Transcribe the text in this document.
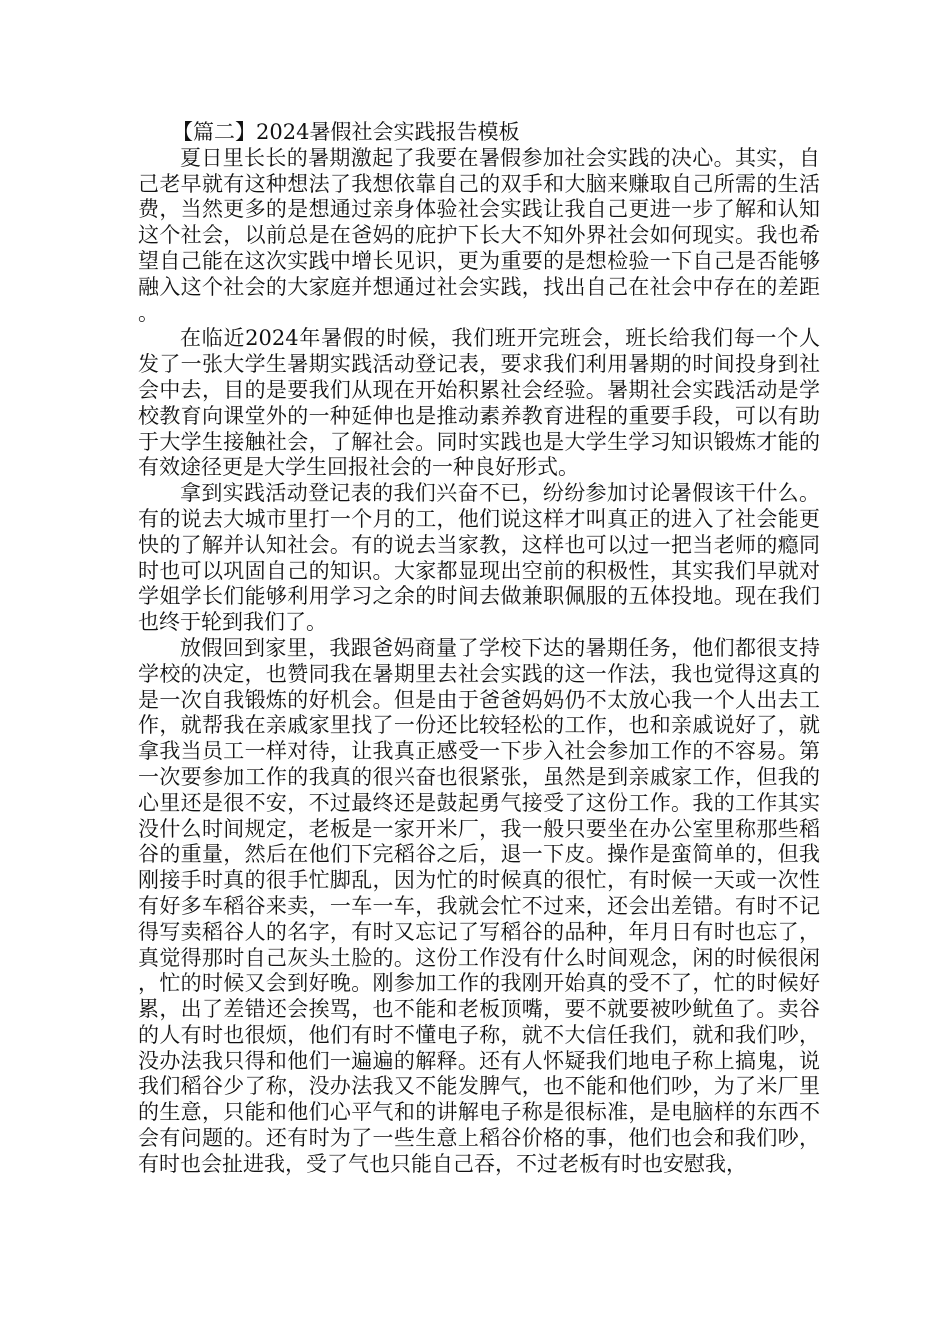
【篇二】2024暑假社会实践报告模板

夏日里长长的暑期激起了我要在暑假参加社会实践的决心。其实，自己老早就有这种想法了我想依靠自己的双手和大脑来赚取自己所需的生活费，当然更多的是想通过亲身体验社会实践让我自己更进一步了解和认知这个社会，以前总是在爸妈的庇护下长大不知外界社会如何现实。我也希望自己能在这次实践中增长见识，更为重要的是想检验一下自己是否能够融入这个社会的大家庭并想通过社会实践，找出自己在社会中存在的差距。

在临近2024年暑假的时候，我们班开完班会，班长给我们每一个人发了一张大学生暑期实践活动登记表，要求我们利用暑期的时间投身到社会中去，目的是要我们从现在开始积累社会经验。暑期社会实践活动是学校教育向课堂外的一种延伸也是推动素养教育进程的重要手段，可以有助于大学生接触社会，了解社会。同时实践也是大学生学习知识锻炼才能的有效途径更是大学生回报社会的一种良好形式。

拿到实践活动登记表的我们兴奋不已，纷纷参加讨论暑假该干什么。有的说去大城市里打一个月的工，他们说这样才叫真正的进入了社会能更快的了解并认知社会。有的说去当家教，这样也可以过一把当老师的瘾同时也可以巩固自己的知识。大家都显现出空前的积极性，其实我们早就对学姐学长们能够利用学习之余的时间去做兼职佩服的五体投地。现在我们也终于轮到我们了。

放假回到家里，我跟爸妈商量了学校下达的暑期任务，他们都很支持学校的决定，也赞同我在暑期里去社会实践的这一作法，我也觉得这真的是一次自我锻炼的好机会。但是由于爸爸妈妈仍不太放心我一个人出去工作，就帮我在亲戚家里找了一份还比较轻松的工作，也和亲戚说好了，就拿我当员工一样对待，让我真正感受一下步入社会参加工作的不容易。第一次要参加工作的我真的很兴奋也很紧张，虽然是到亲戚家工作，但我的心里还是很不安，不过最终还是鼓起勇气接受了这份工作。我的工作其实没什么时间规定，老板是一家开米厂，我一般只要坐在办公室里称那些稻谷的重量，然后在他们下完稻谷之后，退一下皮。操作是蛮简单的，但我刚接手时真的很手忙脚乱，因为忙的时候真的很忙，有时候一天或一次性有好多车稻谷来卖，一车一车，我就会忙不过来，还会出差错。有时不记得写卖稻谷人的名字，有时又忘记了写稻谷的品种，年月日有时也忘了，真觉得那时自己灰头土脸的。这份工作没有什么时间观念，闲的时候很闲，忙的时候又会到好晚。刚参加工作的我刚开始真的受不了，忙的时候好累，出了差错还会挨骂，也不能和老板顶嘴，要不就要被吵鱿鱼了。卖谷的人有时也很烦，他们有时不懂电子称，就不大信任我们，就和我们吵，没办法我只得和他们一遍遍的解释。还有人怀疑我们地电子称上搞鬼，说我们稻谷少了称，没办法我又不能发脾气，也不能和他们吵，为了米厂里的生意，只能和他们心平气和的讲解电子称是很标准，是电脑样的东西不会有问题的。还有时为了一些生意上稻谷价格的事，他们也会和我们吵，有时也会扯进我，受了气也只能自己吞，不过老板有时也安慰我，
